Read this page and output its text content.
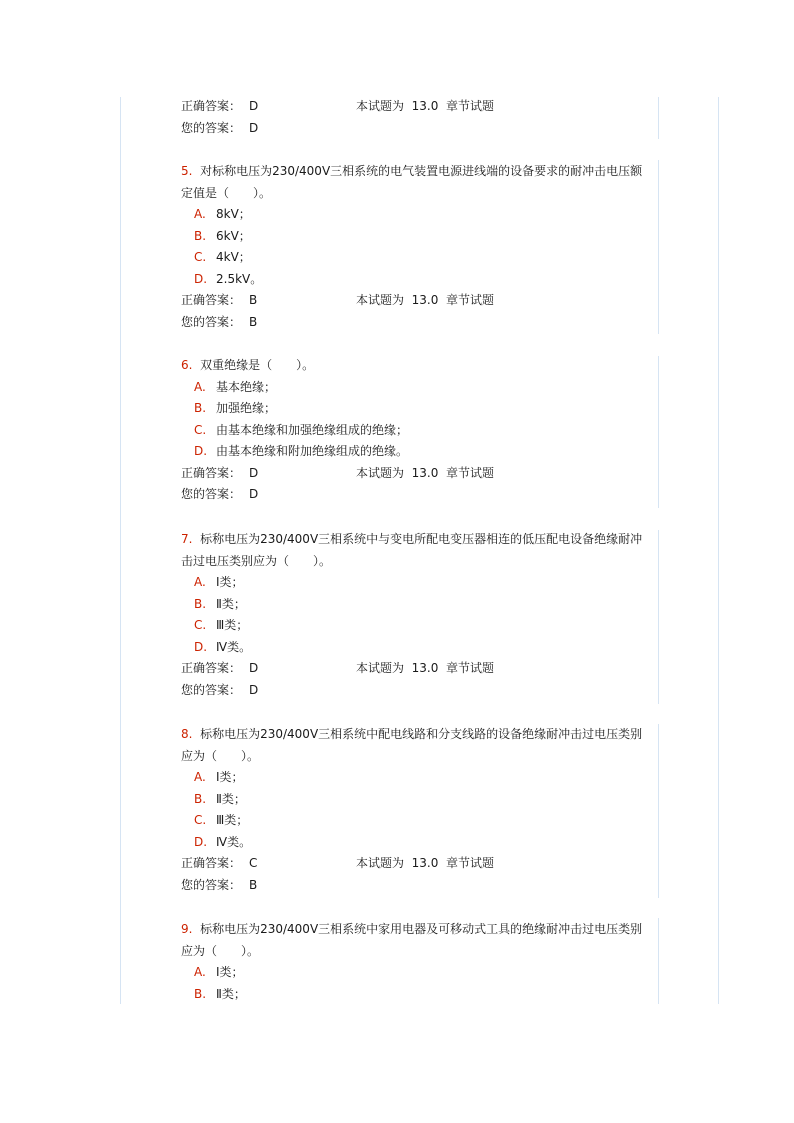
正确答案： D	本试题为 13.0 章节试题
您的答案： D
5. 对标称电压为230/400V三相系统的电气装置电源进线端的设备要求的耐冲击电压额定值是（　　）。
A. 8kV；
B. 6kV；
C. 4kV；
D. 2.5kV。
正确答案： B	本试题为 13.0 章节试题
您的答案： B
6. 双重绝缘是（　　）。
A. 基本绝缘；
B. 加强绝缘；
C. 由基本绝缘和加强绝缘组成的绝缘；
D. 由基本绝缘和附加绝缘组成的绝缘。
正确答案： D	本试题为 13.0 章节试题
您的答案： D
7. 标称电压为230/400V三相系统中与变电所配电变压器相连的低压配电设备绝缘耐冲击过电压类别应为（　　）。
A. Ⅰ类；
B. Ⅱ类；
C. Ⅲ类；
D. Ⅳ类。
正确答案： D	本试题为 13.0 章节试题
您的答案： D
8. 标称电压为230/400V三相系统中配电线路和分支线路的设备绝缘耐冲击过电压类别应为（　　）。
A. Ⅰ类；
B. Ⅱ类；
C. Ⅲ类；
D. Ⅳ类。
正确答案： C	本试题为 13.0 章节试题
您的答案： B
9. 标称电压为230/400V三相系统中家用电器及可移动式工具的绝缘耐冲击过电压类别应为（　　）。
A. Ⅰ类；
B. Ⅱ类；
